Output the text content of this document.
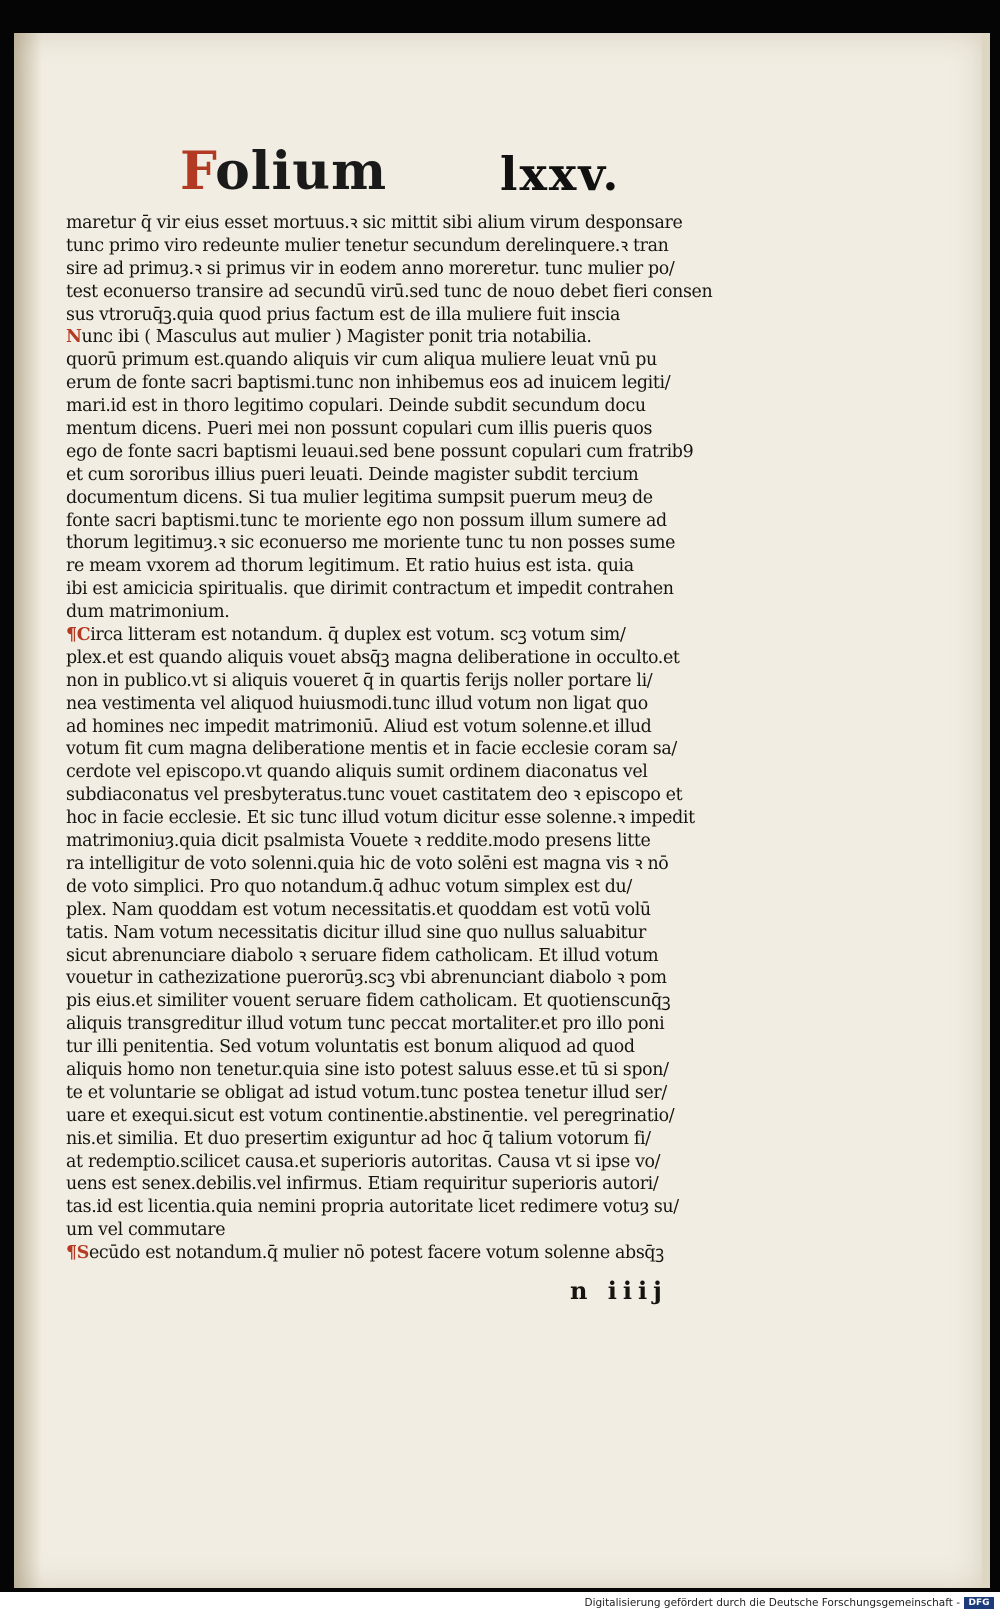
Folium lxxv.
maretur q̄ vir eius esset mortuus.ꝛ sic mittit sibi alium virum desponsare
tunc primo viro redeunte mulier tenetur secundum derelinquere.ꝛ tran
sire ad primuȝ.ꝛ si primus vir in eodem anno moreretur. tunc mulier po/
test econuerso transire ad secundū virū.sed tunc de nouo debet fieri consen
sus vtroruq̄ꝫ.quia quod prius factum est de illa muliere fuit inscia
Nunc ibi ( Masculus aut mulier ) Magister ponit tria notabilia.
quorū primum est.quando aliquis vir cum aliqua muliere leuat vnū pu
erum de fonte sacri baptismi.tunc non inhibemus eos ad inuicem legiti/
mari.id est in thoro legitimo copulari. Deinde subdit secundum docu
mentum dicens. Pueri mei non possunt copulari cum illis pueris quos
ego de fonte sacri baptismi leuaui.sed bene possunt copulari cum fratrib9
et cum sororibus illius pueri leuati. Deinde magister subdit tercium
documentum dicens. Si tua mulier legitima sumpsit puerum meuȝ de
fonte sacri baptismi.tunc te moriente ego non possum illum sumere ad
thorum legitimuȝ.ꝛ sic econuerso me moriente tunc tu non posses sume
re meam vxorem ad thorum legitimum. Et ratio huius est ista. quia
ibi est amicicia spiritualis. que dirimit contractum et impedit contrahen
dum matrimonium.
¶Circa litteram est notandum. q̄ duplex est votum. scꝫ votum sim/
plex.et est quando aliquis vouet absq̄ꝫ magna deliberatione in occulto.et
non in publico.vt si aliquis voueret q̄ in quartis ferijs noller portare li/
nea vestimenta vel aliquod huiusmodi.tunc illud votum non ligat quo
ad homines nec impedit matrimoniū. Aliud est votum solenne.et illud
votum fit cum magna deliberatione mentis et in facie ecclesie coram sa/
cerdote vel episcopo.vt quando aliquis sumit ordinem diaconatus vel
subdiaconatus vel presbyteratus.tunc vouet castitatem deo ꝛ episcopo et
hoc in facie ecclesie. Et sic tunc illud votum dicitur esse solenne.ꝛ impedit
matrimoniuȝ.quia dicit psalmista Vouete ꝛ reddite.modo presens litte
ra intelligitur de voto solenni.quia hic de voto solēni est magna vis ꝛ nō
de voto simplici. Pro quo notandum.q̄ adhuc votum simplex est du/
plex. Nam quoddam est votum necessitatis.et quoddam est votū volū
tatis. Nam votum necessitatis dicitur illud sine quo nullus saluabitur
sicut abrenunciare diabolo ꝛ seruare fidem catholicam. Et illud votum
vouetur in cathezizatione puerorūȝ.scꝫ vbi abrenunciant diabolo ꝛ pom
pis eius.et similiter vouent seruare fidem catholicam. Et quotienscunq̄ꝫ
aliquis transgreditur illud votum tunc peccat mortaliter.et pro illo poni
tur illi penitentia. Sed votum voluntatis est bonum aliquod ad quod
aliquis homo non tenetur.quia sine isto potest saluus esse.et tū si spon/
te et voluntarie se obligat ad istud votum.tunc postea tenetur illud ser/
uare et exequi.sicut est votum continentie.abstinentie. vel peregrinatio/
nis.et similia. Et duo presertim exiguntur ad hoc q̄ talium votorum fi/
at redemptio.scilicet causa.et superioris autoritas. Causa vt si ipse vo/
uens est senex.debilis.vel infirmus. Etiam requiritur superioris autori/
tas.id est licentia.quia nemini propria autoritate licet redimere votuȝ su/
um vel commutare
¶Secūdo est notandum.q̄ mulier nō potest facere votum solenne absq̄ꝫ
n iiij
Digitalisierung gefördert durch die Deutsche Forschungsgemeinschaft - DFG
